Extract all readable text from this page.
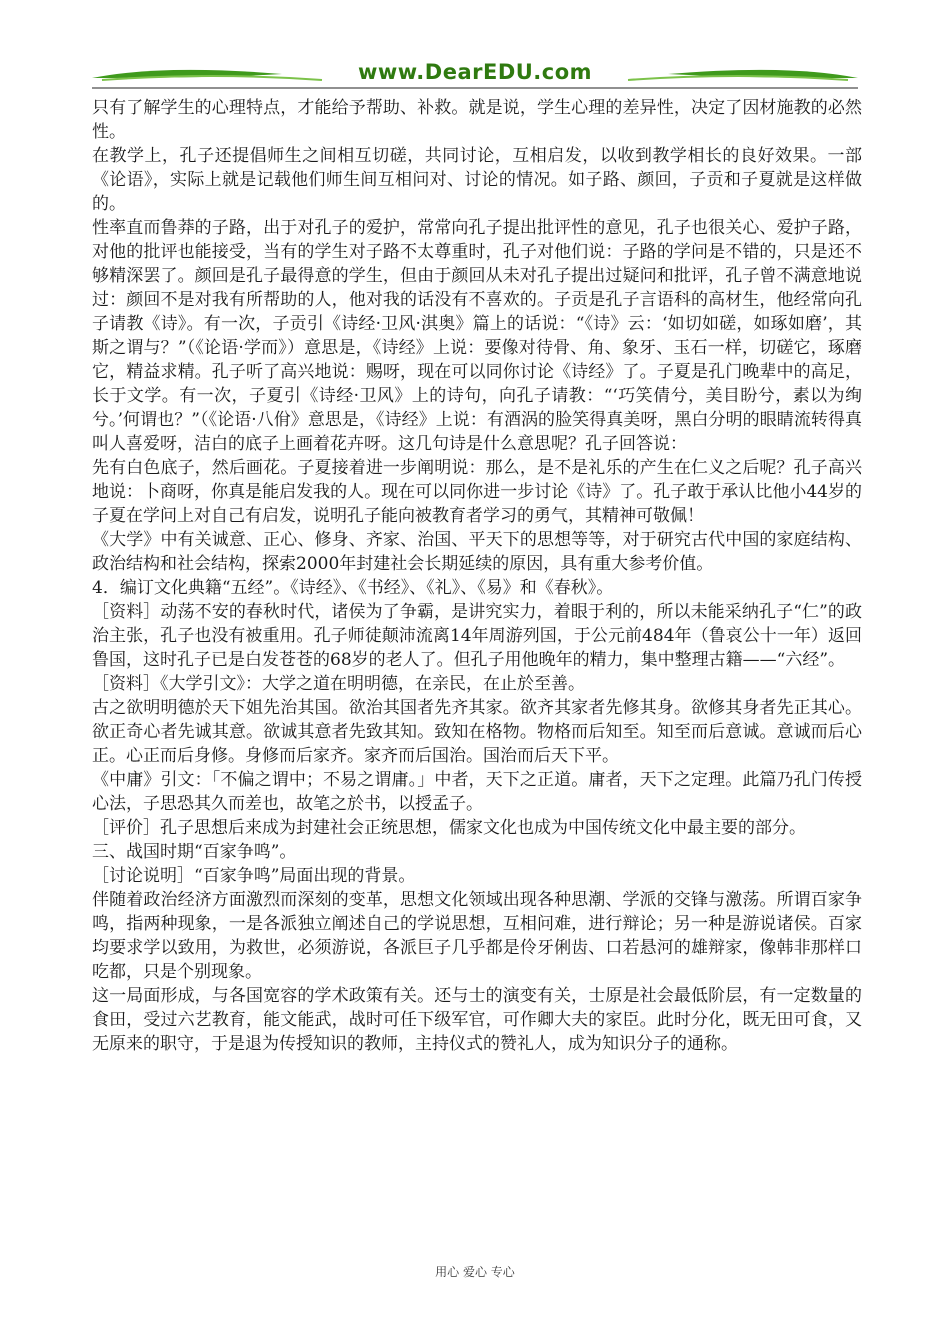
www.DearEDU.com

只有了解学生的心理特点，才能给予帮助、补救。就是说，学生心理的差异性，决定了因材施教的必然性。

在教学上，孔子还提倡师生之间相互切磋，共同讨论，互相启发，以收到教学相长的良好效果。一部《论语》，实际上就是记载他们师生间互相问对、讨论的情况。如子路、颜回，子贡和子夏就是这样做的。

性率直而鲁莽的子路，出于对孔子的爱护，常常向孔子提出批评性的意见，孔子也很关心、爱护子路，对他的批评也能接受，当有的学生对子路不太尊重时，孔子对他们说：子路的学问是不错的，只是还不够精深罢了。颜回是孔子最得意的学生，但由于颜回从未对孔子提出过疑问和批评，孔子曾不满意地说过：颜回不是对我有所帮助的人，他对我的话没有不喜欢的。子贡是孔子言语科的高材生，他经常向孔子请教《诗》。有一次，子贡引《诗经·卫风·淇奥》篇上的话说：“《诗》云：‘如切如磋，如琢如磨’，其斯之谓与？”（《论语·学而》）意思是，《诗经》上说：要像对待骨、角、象牙、玉石一样，切磋它，琢磨它，精益求精。孔子听了高兴地说：赐呀，现在可以同你讨论《诗经》了。子夏是孔门晚辈中的高足，长于文学。有一次，子夏引《诗经·卫风》上的诗句，向孔子请教：“‘巧笑倩兮，美目盼兮，素以为绚兮。’何谓也？”（《论语·八佾》意思是，《诗经》上说：有酒涡的脸笑得真美呀，黑白分明的眼睛流转得真叫人喜爱呀，洁白的底子上画着花卉呀。这几句诗是什么意思呢？孔子回答说：

先有白色底子，然后画花。子夏接着进一步阐明说：那么，是不是礼乐的产生在仁义之后呢？孔子高兴地说：卜商呀，你真是能启发我的人。现在可以同你进一步讨论《诗》了。孔子敢于承认比他小44岁的子夏在学问上对自己有启发，说明孔子能向被教育者学习的勇气，其精神可敬佩！

《大学》中有关诚意、正心、修身、齐家、治国、平天下的思想等等，对于研究古代中国的家庭结构、政治结构和社会结构，探索2000年封建社会长期延续的原因，具有重大参考价值。

4．编订文化典籍“五经”。《诗经》、《书经》、《礼》、《易》和《春秋》。

［资料］动荡不安的春秋时代，诸侯为了争霸，是讲究实力，着眼于利的，所以未能采纳孔子“仁”的政治主张，孔子也没有被重用。孔子师徒颠沛流离14年周游列国，于公元前484年（鲁哀公十一年）返回鲁国，这时孔子已是白发苍苍的68岁的老人了。但孔子用他晚年的精力，集中整理古籍——“六经”。

［资料］《大学引文》：大学之道在明明德，在亲民，在止於至善。

古之欲明明德於天下姐先治其国。欲治其国者先齐其家。欲齐其家者先修其身。欲修其身者先正其心。欲正奇心者先诚其意。欲诚其意者先致其知。致知在格物。物格而后知至。知至而后意诚。意诚而后心正。心正而后身修。身修而后家齐。家齐而后国治。国治而后天下平。

《中庸》引文：「不偏之谓中；不易之谓庸。」中者，天下之正道。庸者，天下之定理。此篇乃孔门传授心法，子思恐其久而差也，故笔之於书，以授孟子。

［评价］孔子思想后来成为封建社会正统思想，儒家文化也成为中国传统文化中最主要的部分。

三、战国时期“百家争鸣”。

［讨论说明］“百家争鸣”局面出现的背景。

伴随着政治经济方面激烈而深刻的变革，思想文化领域出现各种思潮、学派的交锋与激荡。所谓百家争鸣，指两种现象，一是各派独立阐述自己的学说思想，互相问难，进行辩论；另一种是游说诸侯。百家均要求学以致用，为救世，必须游说，各派巨子几乎都是伶牙俐齿、口若悬河的雄辩家，像韩非那样口吃都，只是个别现象。

这一局面形成，与各国宽容的学术政策有关。还与士的演变有关，士原是社会最低阶层，有一定数量的食田，受过六艺教育，能文能武，战时可任下级军官，可作卿大夫的家臣。此时分化，既无田可食，又无原来的职守，于是退为传授知识的教师，主持仪式的赞礼人，成为知识分子的通称。

用心 爱心 专心
